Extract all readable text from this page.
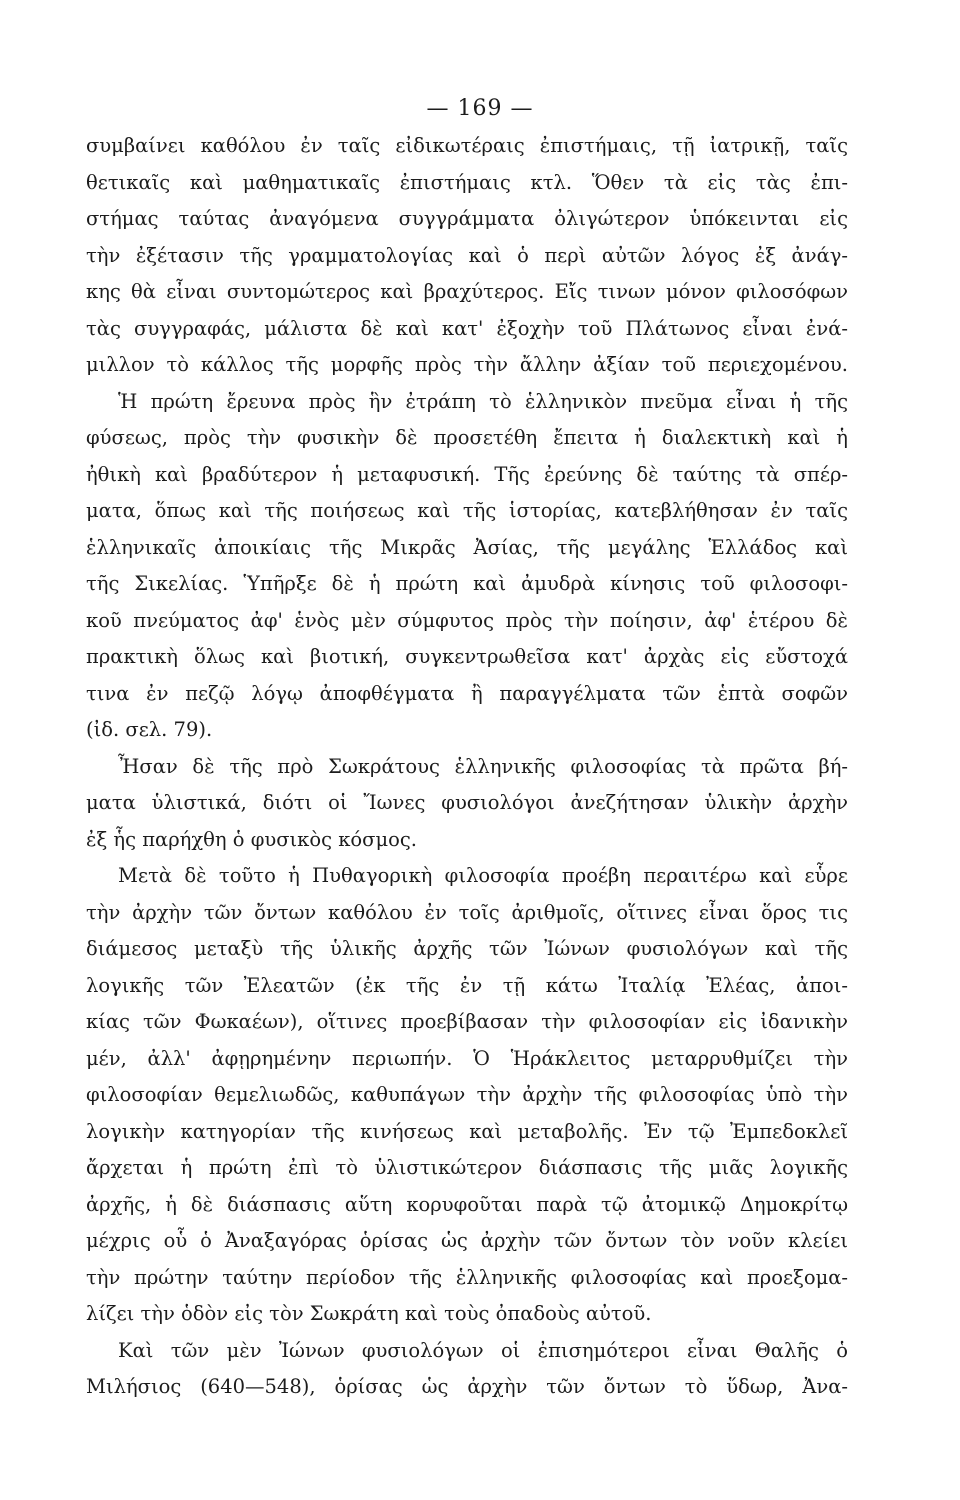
— 169 —
συμβαίνει καθόλου ἐν ταῖς εἰδικωτέραις ἐπιστήμαις, τῇ ἰατρικῇ, ταῖς
θετικαῖς καὶ μαθηματικαῖς ἐπιστήμαις κτλ. Ὅθεν τὰ εἰς τὰς ἐπι-
στήμας ταύτας ἀναγόμενα συγγράμματα ὀλιγώτερον ὑπόκεινται εἰς
τὴν ἐξέτασιν τῆς γραμματολογίας καὶ ὁ περὶ αὐτῶν λόγος ἐξ ἀνάγ-
κης θὰ εἶναι συντομώτερος καὶ βραχύτερος. Εἴς τινων μόνον φιλοσόφων
τὰς συγγραφάς, μάλιστα δὲ καὶ κατ' ἐξοχὴν τοῦ Πλάτωνος εἶναι ἐνά-
μιλλον τὸ κάλλος τῆς μορφῆς πρὸς τὴν ἄλλην ἀξίαν τοῦ περιεχομένου.
Ἡ πρώτη ἔρευνα πρὸς ἣν ἐτράπη τὸ ἑλληνικὸν πνεῦμα εἶναι ἡ τῆς
φύσεως, πρὸς τὴν φυσικὴν δὲ προσετέθη ἔπειτα ἡ διαλεκτικὴ καὶ ἡ
ἠθικὴ καὶ βραδύτερον ἡ μεταφυσική. Τῆς ἐρεύνης δὲ ταύτης τὰ σπέρ-
ματα, ὅπως καὶ τῆς ποιήσεως καὶ τῆς ἱστορίας, κατεβλήθησαν ἐν ταῖς
ἑλληνικαῖς ἀποικίαις τῆς Μικρᾶς Ἀσίας, τῆς μεγάλης Ἑλλάδος καὶ
τῆς Σικελίας. Ὑπῆρξε δὲ ἡ πρώτη καὶ ἀμυδρὰ κίνησις τοῦ φιλοσοφι-
κοῦ πνεύματος ἀφ' ἑνὸς μὲν σύμφυτος πρὸς τὴν ποίησιν, ἀφ' ἑτέρου δὲ
πρακτικὴ ὅλως καὶ βιοτική, συγκεντρωθεῖσα κατ' ἀρχὰς εἰς εὔστοχά
τινα ἐν πεζῷ λόγῳ ἀποφθέγματα ἢ παραγγέλματα τῶν ἑπτὰ σοφῶν
(ἰδ. σελ. 79).
Ἦσαν δὲ τῆς πρὸ Σωκράτους ἑλληνικῆς φιλοσοφίας τὰ πρῶτα βή-
ματα ὑλιστικά, διότι οἱ Ἴωνες φυσιολόγοι ἀνεζήτησαν ὑλικὴν ἀρχὴν
ἐξ ἧς παρήχθη ὁ φυσικὸς κόσμος.
Μετὰ δὲ τοῦτο ἡ Πυθαγορικὴ φιλοσοφία προέβη περαιτέρω καὶ εὗρε
τὴν ἀρχὴν τῶν ὄντων καθόλου ἐν τοῖς ἀριθμοῖς, οἵτινες εἶναι ὅρος τις
διάμεσος μεταξὺ τῆς ὑλικῆς ἀρχῆς τῶν Ἰώνων φυσιολόγων καὶ τῆς
λογικῆς τῶν Ἐλεατῶν (ἐκ τῆς ἐν τῇ κάτω Ἰταλίᾳ Ἐλέας, ἀποι-
κίας τῶν Φωκαέων), οἵτινες προεβίβασαν τὴν φιλοσοφίαν εἰς ἰδανικὴν
μέν, ἀλλ' ἀφῃρημένην περιωπήν. Ὁ Ἡράκλειτος μεταρρυθμίζει τὴν
φιλοσοφίαν θεμελιωδῶς, καθυπάγων τὴν ἀρχὴν τῆς φιλοσοφίας ὑπὸ τὴν
λογικὴν κατηγορίαν τῆς κινήσεως καὶ μεταβολῆς. Ἐν τῷ Ἐμπεδοκλεῖ
ἄρχεται ἡ πρώτη ἐπὶ τὸ ὑλιστικώτερον διάσπασις τῆς μιᾶς λογικῆς
ἀρχῆς, ἡ δὲ διάσπασις αὕτη κορυφοῦται παρὰ τῷ ἀτομικῷ Δημοκρίτῳ
μέχρις οὗ ὁ Ἀναξαγόρας ὁρίσας ὡς ἀρχὴν τῶν ὄντων τὸν νοῦν κλείει
τὴν πρώτην ταύτην περίοδον τῆς ἑλληνικῆς φιλοσοφίας καὶ προεξομα-
λίζει τὴν ὁδὸν εἰς τὸν Σωκράτη καὶ τοὺς ὀπαδοὺς αὐτοῦ.
Καὶ τῶν μὲν Ἰώνων φυσιολόγων οἱ ἐπισημότεροι εἶναι Θαλῆς ὁ
Μιλήσιος (640—548), ὁρίσας ὡς ἀρχὴν τῶν ὄντων τὸ ὕδωρ, Ἀνα-
